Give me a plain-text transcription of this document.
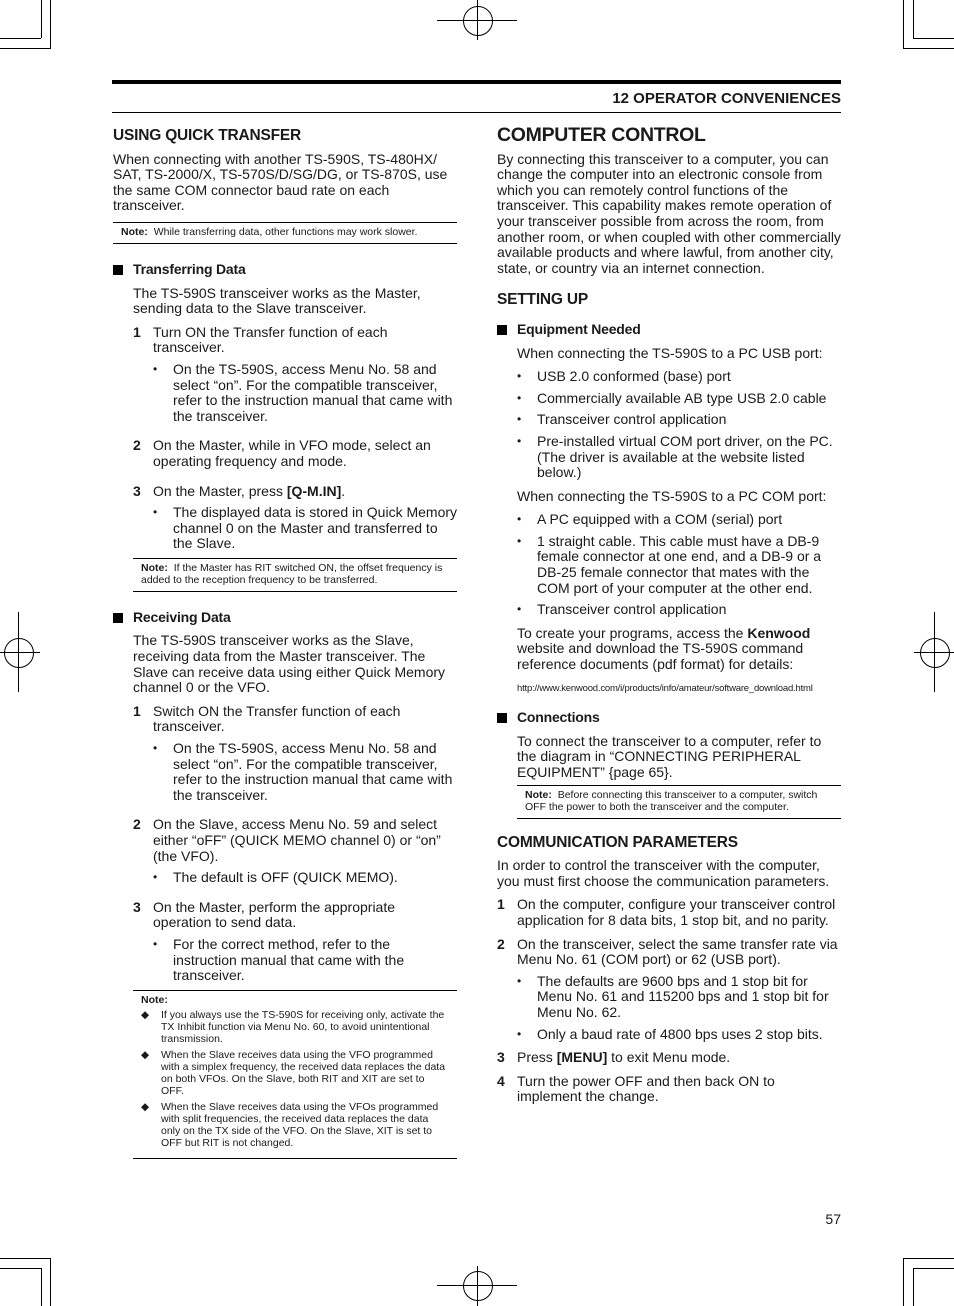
12 OPERATOR CONVENIENCES
USING QUICK TRANSFER

When connecting with another TS-590S, TS-480HX/ SAT, TS-2000/X, TS-570S/D/SG/DG, or TS-870S, use the same COM connector baud rate on each transceiver.

Note: While transferring data, other functions may work slower.
Transferring Data

The TS-590S transceiver works as the Master, sending data to the Slave transceiver.

1 Turn ON the Transfer function of each transceiver.
•	On the TS-590S, access Menu No. 58 and select “on”. For the compatible transceiver, refer to the instruction manual that came with the transceiver.
2 On the Master, while in VFO mode, select an operating frequency and mode.
3 On the Master, press [Q-M.IN].
•	The displayed data is stored in Quick Memory channel 0 on the Master and transferred to the Slave.
Note: If the Master has RIT switched ON, the offset frequency is added to the reception frequency to be transferred.
Receiving Data

The TS-590S transceiver works as the Slave, receiving data from the Master transceiver. The Slave can receive data using either Quick Memory channel 0 or the VFO.

1 Switch ON the Transfer function of each transceiver.
•	On the TS-590S, access Menu No. 58 and select “on”. For the compatible transceiver, refer to the instruction manual that came with the transceiver.
2 On the Slave, access Menu No. 59 and select either “oFF” (QUICK MEMO channel 0) or “on” (the VFO).
•	The default is OFF (QUICK MEMO).
3 On the Master, perform the appropriate operation to send data.
•	For the correct method, refer to the instruction manual that came with the transceiver.
Note:
◆	If you always use the TS-590S for receiving only, activate the TX Inhibit function via Menu No. 60, to avoid unintentional transmission.
◆	When the Slave receives data using the VFO programmed with a simplex frequency, the received data replaces the data on both VFOs. On the Slave, both RIT and XIT are set to OFF.
◆	When the Slave receives data using the VFOs programmed with split frequencies, the received data replaces the data only on the TX side of the VFO. On the Slave, XIT is set to OFF but RIT is not changed.
COMPUTER CONTROL

By connecting this transceiver to a computer, you can change the computer into an electronic console from which you can remotely control functions of the transceiver. This capability makes remote operation of your transceiver possible from across the room, from another room, or when coupled with other commercially available products and where lawful, from another city, state, or country via an internet connection.

SETTING UP
Equipment Needed

When connecting the TS-590S to a PC USB port:

•	USB 2.0 conformed (base) port
•	Commercially available AB type USB 2.0 cable
•	Transceiver control application
•	Pre-installed virtual COM port driver, on the PC. (The driver is available at the website listed below.)

When connecting the TS-590S to a PC COM port:

•	A PC equipped with a COM (serial) port
•	1 straight cable. This cable must have a DB-9 female connector at one end, and a DB-9 or a DB-25 female connector that mates with the COM port of your computer at the other end.
•	Transceiver control application

To create your programs, access the Kenwood website and download the TS-590S command reference documents (pdf format) for details:

http://www.kenwood.com/i/products/info/amateur/software_download.html
Connections

To connect the transceiver to a computer, refer to the diagram in “CONNECTING PERIPHERAL EQUIPMENT” {page 65}.

Note: Before connecting this transceiver to a computer, switch OFF the power to both the transceiver and the computer.
COMMUNICATION PARAMETERS

In order to control the transceiver with the computer, you must first choose the communication parameters.

1 On the computer, configure your transceiver control application for 8 data bits, 1 stop bit, and no parity.
2 On the transceiver, select the same transfer rate via Menu No. 61 (COM port) or 62 (USB port).
•	The defaults are 9600 bps and 1 stop bit for Menu No. 61 and 115200 bps and 1 stop bit for Menu No. 62.
•	Only a baud rate of 4800 bps uses 2 stop bits.
3 Press [MENU] to exit Menu mode.
4 Turn the power OFF and then back ON to implement the change.
57
